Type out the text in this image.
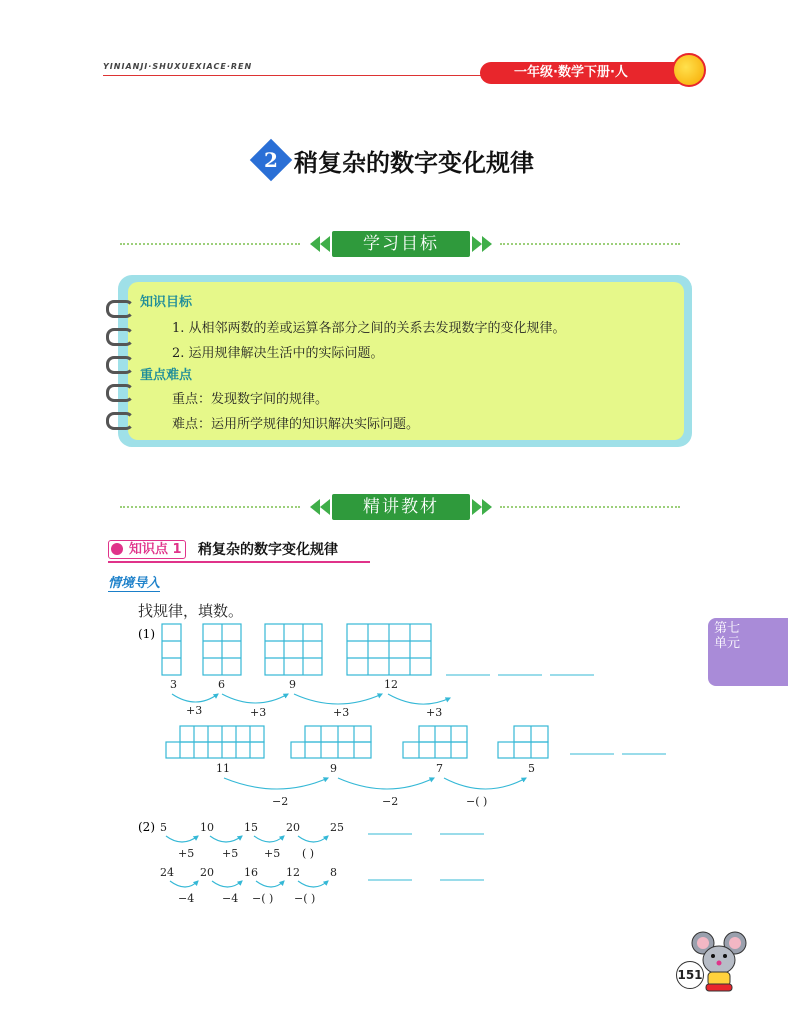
YINIANJI·SHUXUEXIACE·REN	一年级·数学下册·人
2 稍复杂的数字变化规律
学习目标
知识目标
1. 从相邻两数的差或运算各部分之间的关系去发现数字的变化规律。
2. 运用规律解决生活中的实际问题。
重点难点
重点：发现数字间的规律。
难点：运用所学规律的知识解决实际问题。
精讲教材
知识点 1 稍复杂的数字变化规律
情境导入
找规律，填数。
(1)
3	6	9	12
+3	+3	+3	+3
11	9	7	5
−2	−2	−( )
(2) 5	10	15	20	25
+5	+5 +5 ( )
24 20	16	12	8
−4	−4 −( ) −( )
第七单元
151
